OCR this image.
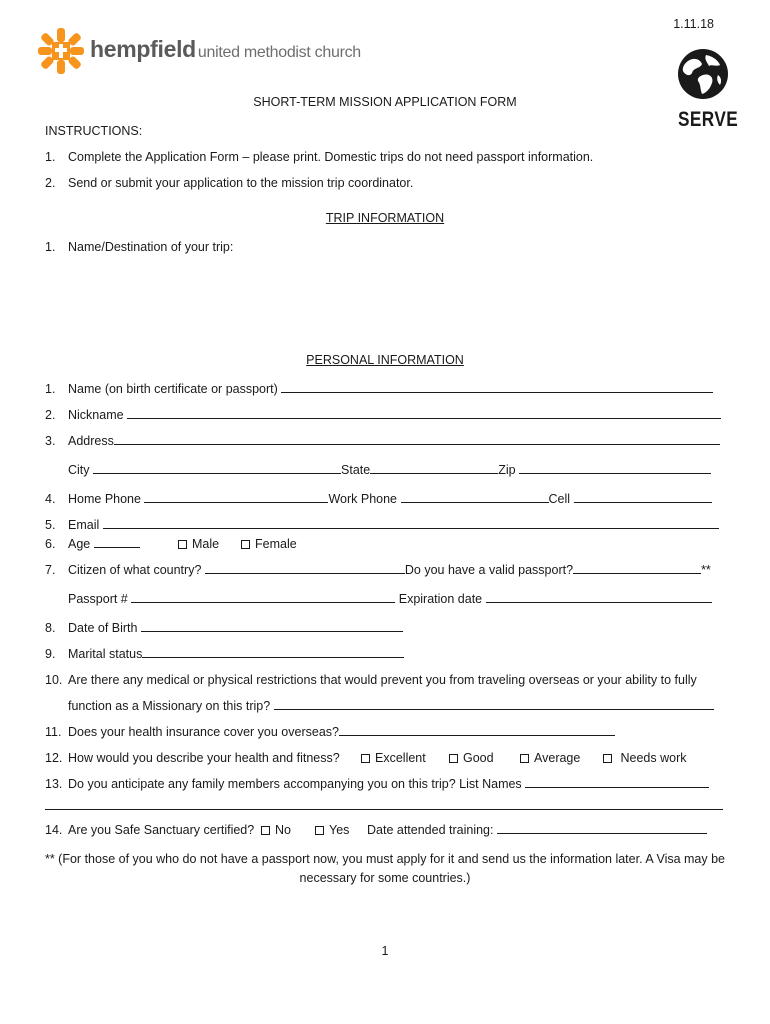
hempfield united methodist church
1.11.18
SERVE
SHORT-TERM MISSION APPLICATION FORM
INSTRUCTIONS:
1.	Complete the Application Form – please print. Domestic trips do not need passport information.
2.	Send or submit your application to the mission trip coordinator.
TRIP INFORMATION
1.	Name/Destination of your trip:
PERSONAL INFORMATION
1.	Name (on birth certificate or passport)
2.	Nickname
3.	Address
City	State	Zip
4.	Home Phone	Work Phone	Cell
5.	Email
6.	Age	Male	Female
7.	Citizen of what country?	Do you have a valid passport?	**
Passport #	Expiration date
8.	Date of Birth
9.	Marital status
10. Are there any medical or physical restrictions that would prevent you from traveling overseas or your ability to fully
function as a Missionary on this trip?
11. Does your health insurance cover you overseas?
12. How would you describe your health and fitness?	Excellent	Good	Average	Needs work
13. Do you anticipate any family members accompanying you on this trip? List Names
14. Are you Safe Sanctuary certified?	No	Yes Date attended training:
** (For those of you who do not have a passport now, you must apply for it and send us the information later. A Visa may be necessary for some countries.)
1
